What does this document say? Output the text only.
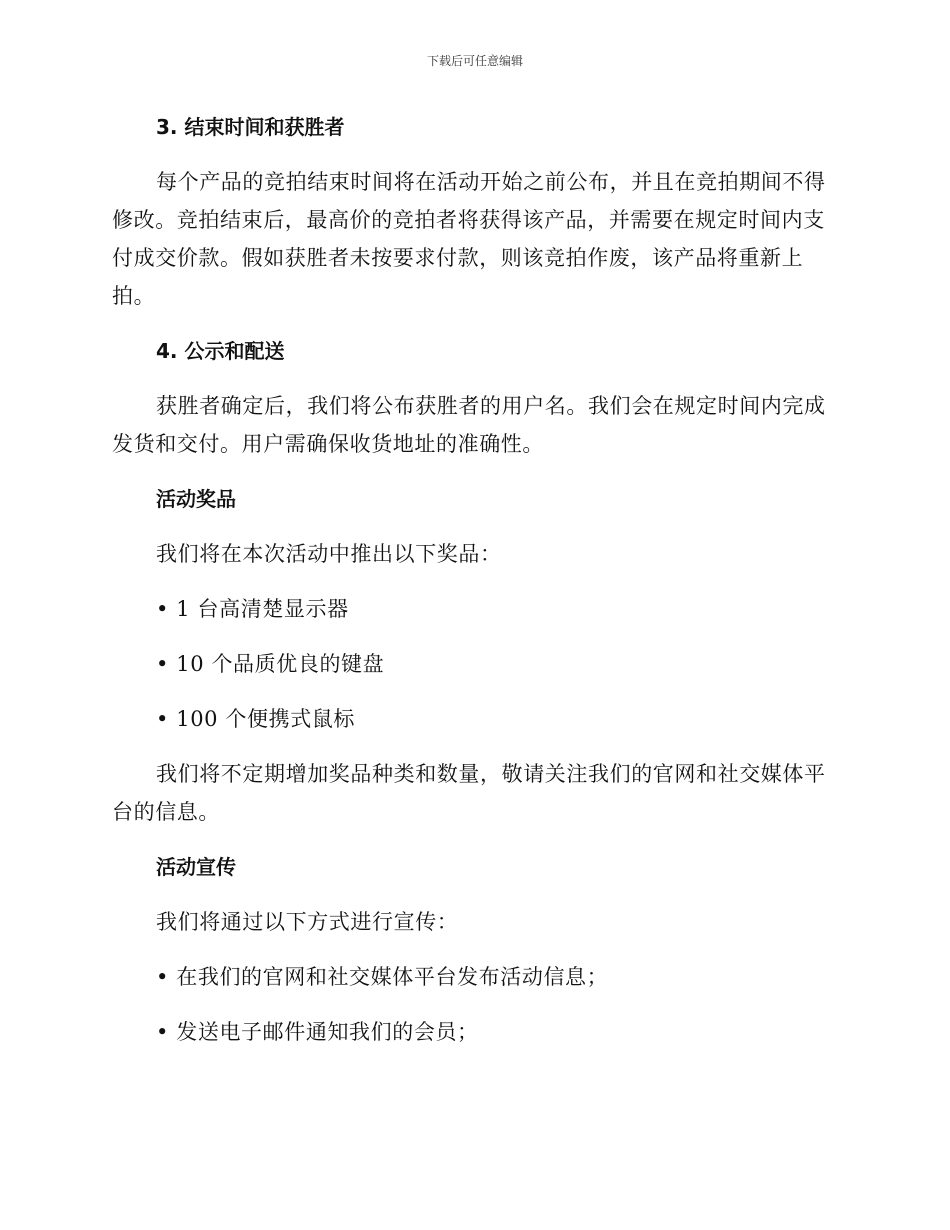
下载后可任意编辑
3. 结束时间和获胜者

每个产品的竞拍结束时间将在活动开始之前公布，并且在竞拍期间不得修改。竞拍结束后，最高价的竞拍者将获得该产品，并需要在规定时间内支付成交价款。假如获胜者未按要求付款，则该竞拍作废，该产品将重新上拍。

4. 公示和配送

获胜者确定后，我们将公布获胜者的用户名。我们会在规定时间内完成发货和交付。用户需确保收货地址的准确性。

活动奖品

我们将在本次活动中推出以下奖品：

• 1 台高清楚显示器

• 10 个品质优良的键盘

• 100 个便携式鼠标

我们将不定期增加奖品种类和数量，敬请关注我们的官网和社交媒体平台的信息。

活动宣传

我们将通过以下方式进行宣传：

• 在我们的官网和社交媒体平台发布活动信息；

• 发送电子邮件通知我们的会员；
